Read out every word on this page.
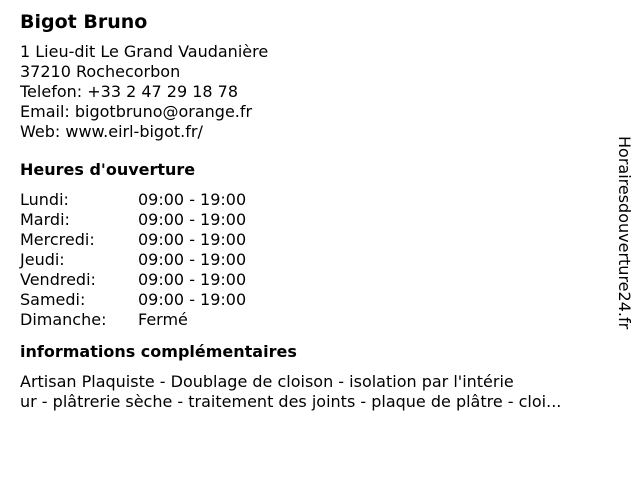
Bigot Bruno
1 Lieu-dit Le Grand Vaudanière
37210 Rochecorbon
Telefon: +33 2 47 29 18 78
Email: bigotbruno@orange.fr
Web: www.eirl-bigot.fr/
Heures d'ouverture
Lundi:	09:00 - 19:00
Mardi:	09:00 - 19:00
Mercredi:	09:00 - 19:00
Jeudi:	09:00 - 19:00
Vendredi:	09:00 - 19:00
Samedi:	09:00 - 19:00
Dimanche:	Fermé
informations complémentaires
Artisan Plaquiste - Doublage de cloison - isolation par l'intérie
ur - plâtrerie sèche - traitement des joints - plaque de plâtre - cloi...
Horairesdouverture24.fr
